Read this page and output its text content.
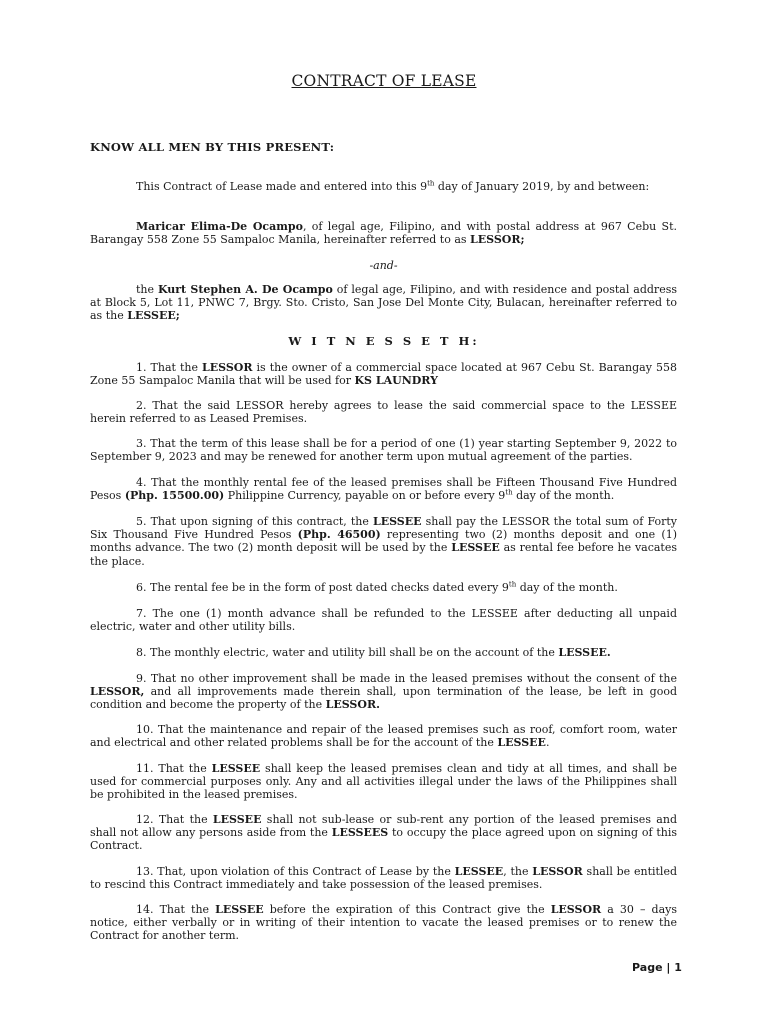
CONTRACT OF LEASE
KNOW ALL MEN BY THIS PRESENT:
This Contract of Lease made and entered into this 9th day of January 2019, by and between:
Maricar Elima-De Ocampo, of legal age, Filipino, and with postal address at 967 Cebu St. Barangay 558 Zone 55 Sampaloc Manila, hereinafter referred to as LESSOR;
-and-
the Kurt Stephen A. De Ocampo of legal age, Filipino, and with residence and postal address at Block 5, Lot 11, PNWC 7, Brgy. Sto. Cristo, San Jose Del Monte City, Bulacan, hereinafter referred to as the LESSEE;
W I T N E S S E T H:
1. That the LESSOR is the owner of a commercial space located at 967 Cebu St. Barangay 558 Zone 55 Sampaloc Manila that will be used for KS LAUNDRY
2. That the said LESSOR hereby agrees to lease the said commercial space to the LESSEE herein referred to as Leased Premises.
3. That the term of this lease shall be for a period of one (1) year starting September 9, 2022 to September 9, 2023 and may be renewed for another term upon mutual agreement of the parties.
4. That the monthly rental fee of the leased premises shall be Fifteen Thousand Five Hundred Pesos (Php. 15500.00) Philippine Currency, payable on or before every 9th day of the month.
5. That upon signing of this contract, the LESSEE shall pay the LESSOR the total sum of Forty Six Thousand Five Hundred Pesos (Php. 46500) representing two (2) months deposit and one (1) months advance. The two (2) month deposit will be used by the LESSEE as rental fee before he vacates the place.
6. The rental fee be in the form of post dated checks dated every 9th day of the month.
7. The one (1) month advance shall be refunded to the LESSEE after deducting all unpaid electric, water and other utility bills.
8. The monthly electric, water and utility bill shall be on the account of the LESSEE.
9. That no other improvement shall be made in the leased premises without the consent of the LESSOR, and all improvements made therein shall, upon termination of the lease, be left in good condition and become the property of the LESSOR.
10. That the maintenance and repair of the leased premises such as roof, comfort room, water and electrical and other related problems shall be for the account of the LESSEE.
11. That the LESSEE shall keep the leased premises clean and tidy at all times, and shall be used for commercial purposes only. Any and all activities illegal under the laws of the Philippines shall be prohibited in the leased premises.
12. That the LESSEE shall not sub-lease or sub-rent any portion of the leased premises and shall not allow any persons aside from the LESSEES to occupy the place agreed upon on signing of this Contract.
13. That, upon violation of this Contract of Lease by the LESSEE, the LESSOR shall be entitled to rescind this Contract immediately and take possession of the leased premises.
14. That the LESSEE before the expiration of this Contract give the LESSOR a 30 – days notice, either verbally or in writing of their intention to vacate the leased premises or to renew the Contract for another term.
Page | 1
